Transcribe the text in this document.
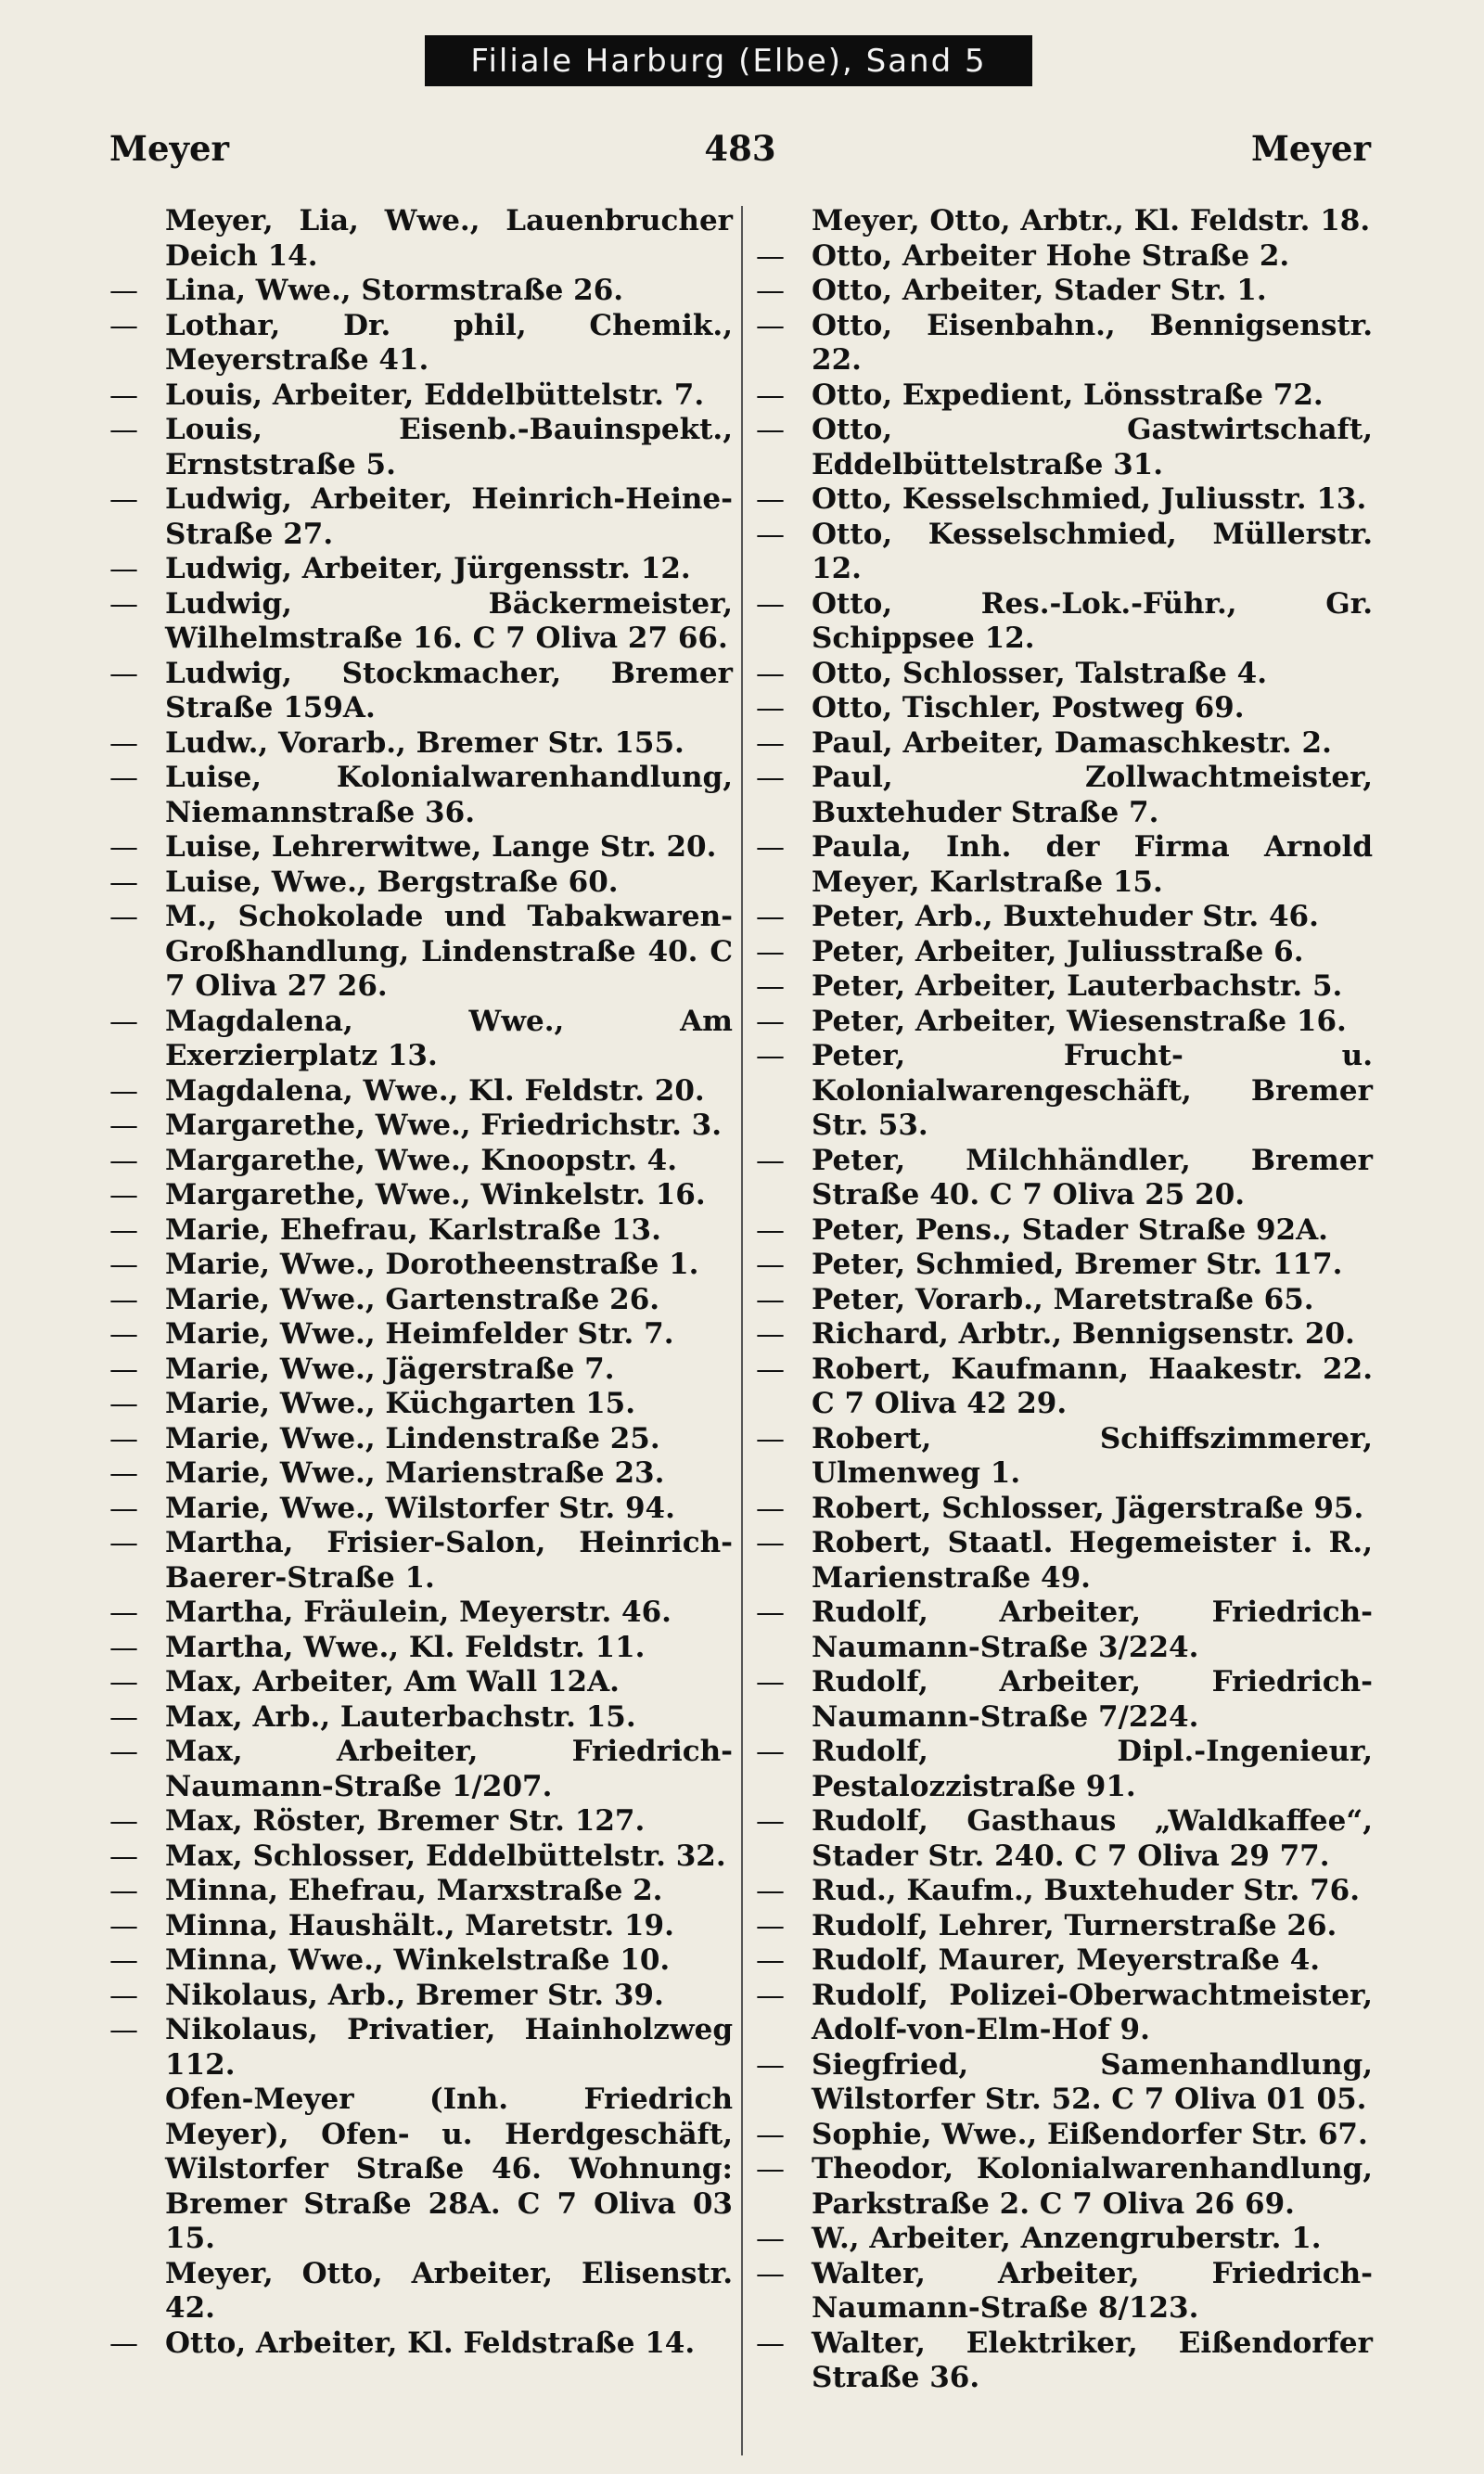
Filiale Harburg (Elbe), Sand 5
Meyer	483	Meyer
Meyer, Lia, Wwe., Lauenbrucher Deich 14.
— Lina, Wwe., Stormstraße 26.
— Lothar, Dr. phil, Chemik., Meyerstraße 41.
— Louis, Arbeiter, Eddelbüttelstr. 7.
— Louis, Eisenb.-Bauinspekt., Ernststraße 5.
— Ludwig, Arbeiter, Heinrich-Heine-Straße 27.
— Ludwig, Arbeiter, Jürgensstr. 12.
— Ludwig, Bäckermeister, Wilhelmstraße 16. C 7 Oliva 27 66.
— Ludwig, Stockmacher, Bremer Straße 159A.
— Ludw., Vorarb., Bremer Str. 155.
— Luise, Kolonialwarenhandlung, Niemannstraße 36.
— Luise, Lehrerwitwe, Lange Str. 20.
— Luise, Wwe., Bergstraße 60.
— M., Schokolade und Tabakwaren-Großhandlung, Lindenstraße 40. C 7 Oliva 27 26.
— Magdalena, Wwe., Am Exerzierplatz 13.
— Magdalena, Wwe., Kl. Feldstr. 20.
— Margarethe, Wwe., Friedrichstr. 3.
— Margarethe, Wwe., Knoopstr. 4.
— Margarethe, Wwe., Winkelstr. 16.
— Marie, Ehefrau, Karlstraße 13.
— Marie, Wwe., Dorotheenstraße 1.
— Marie, Wwe., Gartenstraße 26.
— Marie, Wwe., Heimfelder Str. 7.
— Marie, Wwe., Jägerstraße 7.
— Marie, Wwe., Küchgarten 15.
— Marie, Wwe., Lindenstraße 25.
— Marie, Wwe., Marienstraße 23.
— Marie, Wwe., Wilstorfer Str. 94.
— Martha, Frisier-Salon, Heinrich-Baerer-Straße 1.
— Martha, Fräulein, Meyerstr. 46.
— Martha, Wwe., Kl. Feldstr. 11.
— Max, Arbeiter, Am Wall 12A.
— Max, Arb., Lauterbachstr. 15.
— Max, Arbeiter, Friedrich-Naumann-Straße 1/207.
— Max, Röster, Bremer Str. 127.
— Max, Schlosser, Eddelbüttelstr. 32.
— Minna, Ehefrau, Marxstraße 2.
— Minna, Haushält., Maretstr. 19.
— Minna, Wwe., Winkelstraße 10.
— Nikolaus, Arb., Bremer Str. 39.
— Nikolaus, Privatier, Hainholzweg 112.
Ofen-Meyer (Inh. Friedrich Meyer), Ofen- u. Herdgeschäft, Wilstorfer Straße 46. Wohnung: Bremer Straße 28A. C 7 Oliva 03 15.
Meyer, Otto, Arbeiter, Elisenstr. 42.
— Otto, Arbeiter, Kl. Feldstraße 14.
Meyer, Otto, Arbtr., Kl. Feldstr. 18.
— Otto, Arbeiter Hohe Straße 2.
— Otto, Arbeiter, Stader Str. 1.
— Otto, Eisenbahn., Bennigsenstr. 22.
— Otto, Expedient, Lönsstraße 72.
— Otto, Gastwirtschaft, Eddelbüttelstraße 31.
— Otto, Kesselschmied, Juliusstr. 13.
— Otto, Kesselschmied, Müllerstr. 12.
— Otto, Res.-Lok.-Führ., Gr. Schippsee 12.
— Otto, Schlosser, Talstraße 4.
— Otto, Tischler, Postweg 69.
— Paul, Arbeiter, Damaschkestr. 2.
— Paul, Zollwachtmeister, Buxtehuder Straße 7.
— Paula, Inh. der Firma Arnold Meyer, Karlstraße 15.
— Peter, Arb., Buxtehuder Str. 46.
— Peter, Arbeiter, Juliusstraße 6.
— Peter, Arbeiter, Lauterbachstr. 5.
— Peter, Arbeiter, Wiesenstraße 16.
— Peter, Frucht- u. Kolonialwarengeschäft, Bremer Str. 53.
— Peter, Milchhändler, Bremer Straße 40. C 7 Oliva 25 20.
— Peter, Pens., Stader Straße 92A.
— Peter, Schmied, Bremer Str. 117.
— Peter, Vorarb., Maretstraße 65.
— Richard, Arbtr., Bennigsenstr. 20.
— Robert, Kaufmann, Haakestr. 22. C 7 Oliva 42 29.
— Robert, Schiffszimmerer, Ulmenweg 1.
— Robert, Schlosser, Jägerstraße 95.
— Robert, Staatl. Hegemeister i. R., Marienstraße 49.
— Rudolf, Arbeiter, Friedrich-Naumann-Straße 3/224.
— Rudolf, Arbeiter, Friedrich-Naumann-Straße 7/224.
— Rudolf, Dipl.-Ingenieur, Pestalozzistraße 91.
— Rudolf, Gasthaus „Waldkaffee“, Stader Str. 240. C 7 Oliva 29 77.
— Rud., Kaufm., Buxtehuder Str. 76.
— Rudolf, Lehrer, Turnerstraße 26.
— Rudolf, Maurer, Meyerstraße 4.
— Rudolf, Polizei-Oberwachtmeister, Adolf-von-Elm-Hof 9.
— Siegfried, Samenhandlung, Wilstorfer Str. 52. C 7 Oliva 01 05.
— Sophie, Wwe., Eißendorfer Str. 67.
— Theodor, Kolonialwarenhandlung, Parkstraße 2. C 7 Oliva 26 69.
— W., Arbeiter, Anzengruberstr. 1.
— Walter, Arbeiter, Friedrich-Naumann-Straße 8/123.
— Walter, Elektriker, Eißendorfer Straße 36.
